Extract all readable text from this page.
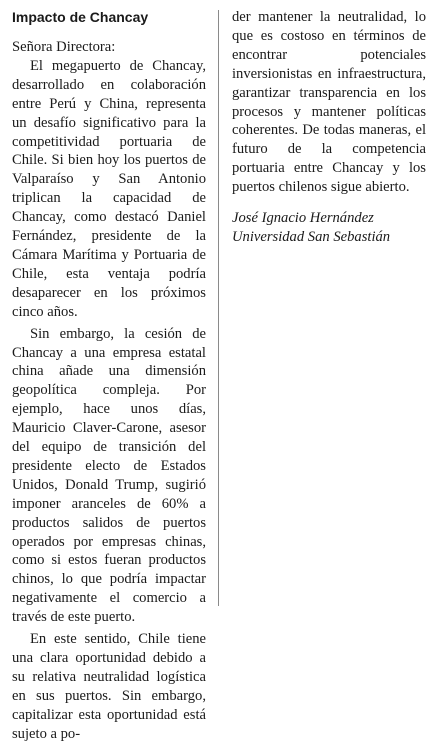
Impacto de Chancay
Señora Directora:

El megapuerto de Chancay, desarrollado en colaboración entre Perú y China, representa un desafío significativo para la competitividad portuaria de Chile. Si bien hoy los puertos de Valparaíso y San Antonio triplican la capacidad de Chancay, como destacó Daniel Fernández, presidente de la Cámara Marítima y Portuaria de Chile, esta ventaja podría desaparecer en los próximos cinco años.

Sin embargo, la cesión de Chancay a una empresa estatal china añade una dimensión geopolítica compleja. Por ejemplo, hace unos días, Mauricio Claver-Carone, asesor del equipo de transición del presidente electo de Estados Unidos, Donald Trump, sugirió imponer aranceles de 60% a productos salidos de puertos operados por empresas chinas, como si estos fueran productos chinos, lo que podría impactar negativamente el comercio a través de este puerto.

En este sentido, Chile tiene una clara oportunidad debido a su relativa neutralidad logística en sus puertos. Sin embargo, capitalizar esta oportunidad está sujeto a po-

der mantener la neutralidad, lo que es costoso en términos de encontrar potenciales inversionistas en infraestructura, garantizar transparencia en los procesos y mantener políticas coherentes. De todas maneras, el futuro de la competencia portuaria entre Chancay y los puertos chilenos sigue abierto.

José Ignacio Hernández
Universidad San Sebastián
